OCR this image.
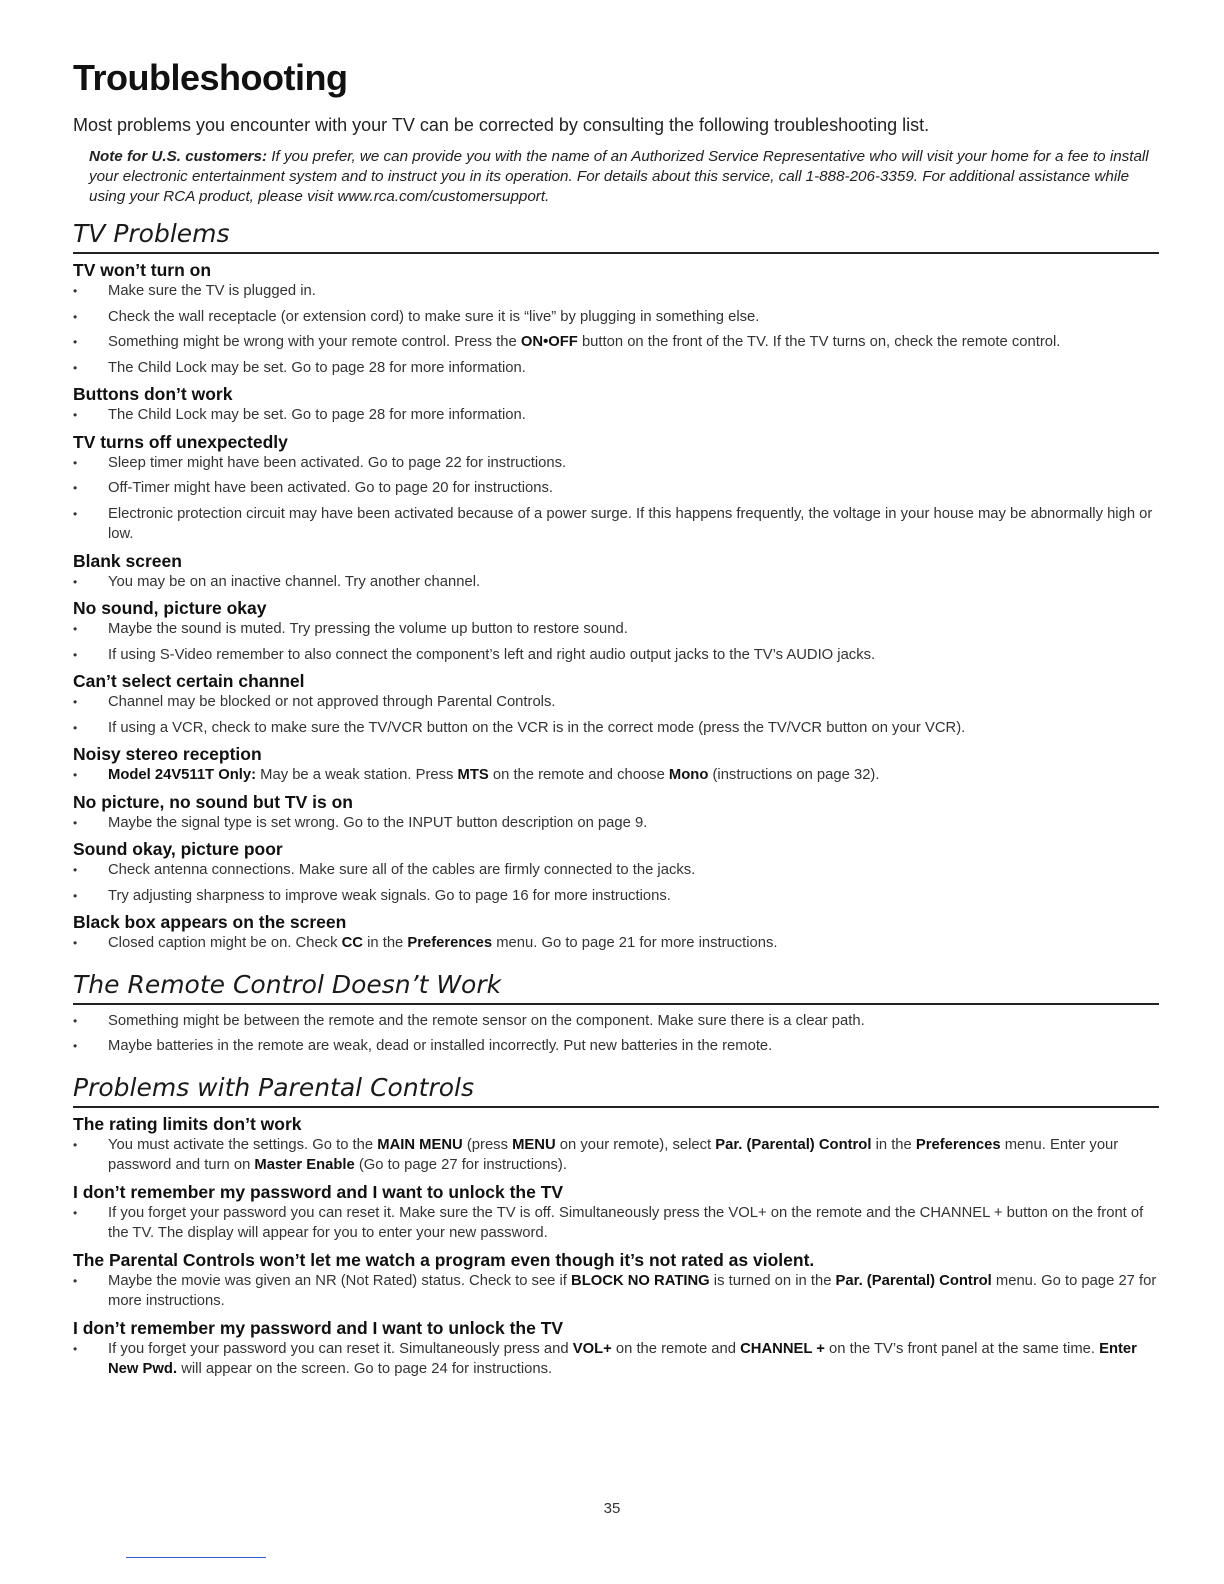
Troubleshooting

Most problems you encounter with your TV can be corrected by consulting the following troubleshooting list.

Note for U.S. customers: If you prefer, we can provide you with the name of an Authorized Service Representative who will visit your home for a fee to install your electronic entertainment system and to instruct you in its operation. For details about this service, call 1-888-206-3359. For additional assistance while using your RCA product, please visit www.rca.com/customersupport.

TV Problems
TV won’t turn on
• Make sure the TV is plugged in.
• Check the wall receptacle (or extension cord) to make sure it is “live” by plugging in something else.
• Something might be wrong with your remote control. Press the ON•OFF button on the front of the TV. If the TV turns on, check the remote control.
• The Child Lock may be set. Go to page 28 for more information.
Buttons don’t work
• The Child Lock may be set. Go to page 28 for more information.
TV turns off unexpectedly
• Sleep timer might have been activated. Go to page 22 for instructions.
• Off-Timer might have been activated. Go to page 20 for instructions.
• Electronic protection circuit may have been activated because of a power surge. If this happens frequently, the voltage in your house may be abnormally high or low.
Blank screen
• You may be on an inactive channel. Try another channel.
No sound, picture okay
• Maybe the sound is muted. Try pressing the volume up button to restore sound.
• If using S-Video remember to also connect the component’s left and right audio output jacks to the TV’s AUDIO jacks.
Can’t select certain channel
• Channel may be blocked or not approved through Parental Controls.
• If using a VCR, check to make sure the TV/VCR button on the VCR is in the correct mode (press the TV/VCR button on your VCR).
Noisy stereo reception
• Model 24V511T Only: May be a weak station. Press MTS on the remote and choose Mono (instructions on page 32).
No picture, no sound but TV is on
• Maybe the signal type is set wrong. Go to the INPUT button description on page 9.
Sound okay, picture poor
• Check antenna connections. Make sure all of the cables are firmly connected to the jacks.
• Try adjusting sharpness to improve weak signals. Go to page 16 for more instructions.
Black box appears on the screen
• Closed caption might be on. Check CC in the Preferences menu. Go to page 21 for more instructions.
The Remote Control Doesn’t Work
• Something might be between the remote and the remote sensor on the component. Make sure there is a clear path.
• Maybe batteries in the remote are weak, dead or installed incorrectly. Put new batteries in the remote.
Problems with Parental Controls
The rating limits don’t work
• You must activate the settings. Go to the MAIN MENU (press MENU on your remote), select Par. (Parental) Control in the Preferences menu. Enter your password and turn on Master Enable (Go to page 27 for instructions).
I don’t remember my password and I want to unlock the TV
• If you forget your password you can reset it. Make sure the TV is off. Simultaneously press the VOL+ on the remote and the CHANNEL + button on the front of the TV. The display will appear for you to enter your new password.
The Parental Controls won’t let me watch a program even though it’s not rated as violent.
• Maybe the movie was given an NR (Not Rated) status. Check to see if BLOCK NO RATING is turned on in the Par. (Parental) Control menu. Go to page 27 for more instructions.
I don’t remember my password and I want to unlock the TV
• If you forget your password you can reset it. Simultaneously press and VOL+ on the remote and CHANNEL + on the TV’s front panel at the same time. Enter New Pwd. will appear on the screen. Go to page 24 for instructions.
35
